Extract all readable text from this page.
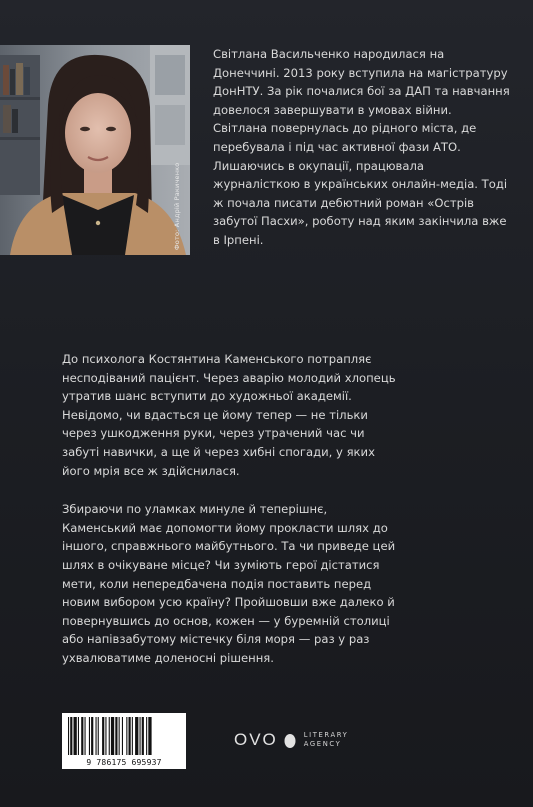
Фото: Андрій Ракиченко

Світлана Васильченко народилася на Донеччині. 2013 року вступила на магістратуру ДонНТУ. За рік почалися бої за ДАП та навчання довелося завершувати в умовах війни.

Світлана повернулась до рідного міста, де перебувала і під час активної фази АТО. Лишаючись в окупації, працювала журналісткою в українських онлайн-медіа. Тоді ж почала писати дебютний роман «Острів забутої Пасхи», роботу над яким закінчила вже в Ірпені.

До психолога Костянтина Каменського потрапляє несподіваний пацієнт. Через аварію молодий хлопець утратив шанс вступити до художньої академії. Невідомо, чи вдасться це йому тепер — не тільки через ушкодження руки, через утрачений час чи забуті навички, а ще й через хибні спогади, у яких його мрія все ж здійснилася.

Збираючи по уламках минуле й теперішнє, Каменський має допомогти йому прокласти шлях до іншого, справжнього майбутнього. Та чи приведе цей шлях в очікуване місце? Чи зуміють герої дістатися мети, коли непередбачена подія поставить перед новим вибором усю країну? Пройшовши вже далеко й повернувшись до основ, кожен — у буремній столиці або напівзабутому містечку біля моря — раз у раз ухвалюватиме доленосні рішення.

9 786175 695937
OVO	LITERARY
AGENCY
